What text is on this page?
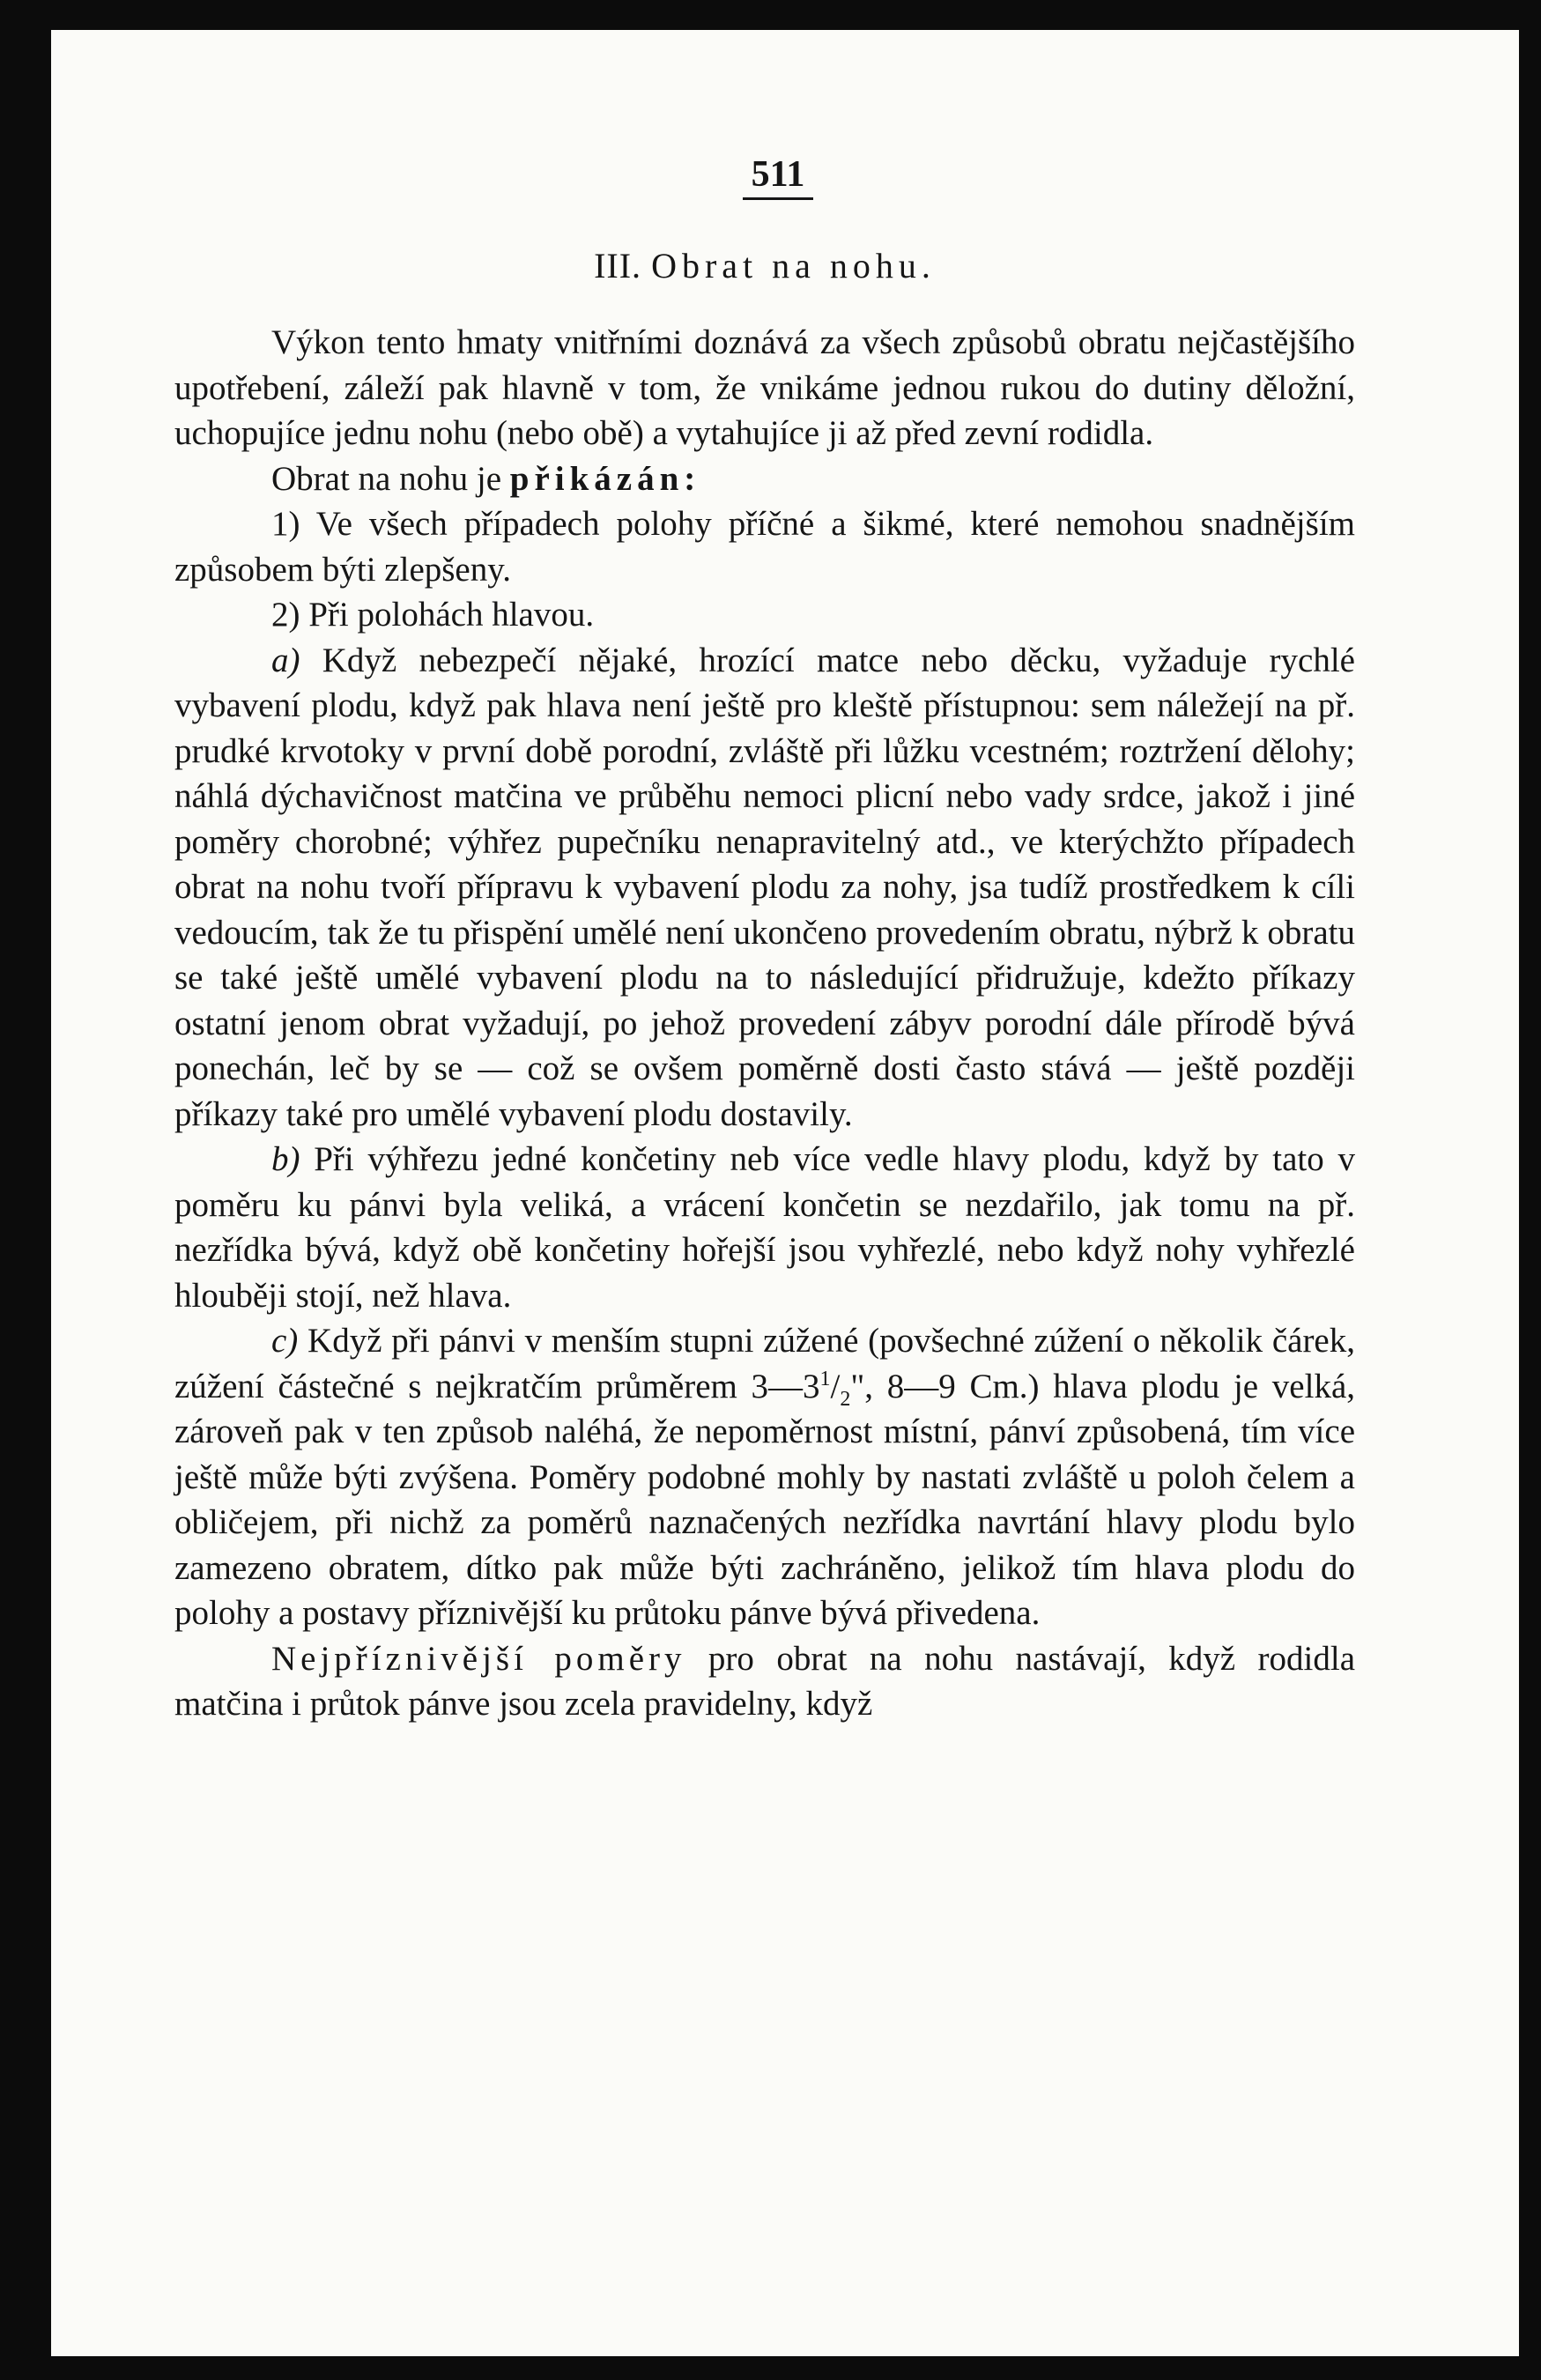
511
III. Obrat na nohu.

Výkon tento hmaty vnitřními doznává za všech způsobů obratu nejčastějšího upotřebení, záleží pak hlavně v tom, že vnikáme jednou rukou do dutiny děložní, uchopujíce jednu nohu (nebo obě) a vytahujíce ji až před zevní rodidla.

Obrat na nohu je přikázán:

1) Ve všech případech polohy příčné a šikmé, které nemohou snadnějším způsobem býti zlepšeny.

2) Při polohách hlavou.

a) Když nebezpečí nějaké, hrozící matce nebo děcku, vyžaduje rychlé vybavení plodu, když pak hlava není ještě pro kleště přístupnou: sem náležejí na př. prudké krvotoky v první době porodní, zvláště při lůžku vcestném; roztržení dělohy; náhlá dýchavičnost matčina ve průběhu nemoci plicní nebo vady srdce, jakož i jiné poměry chorobné; výhřez pupečníku nenapravitelný atd., ve kterýchžto případech obrat na nohu tvoří přípravu k vybavení plodu za nohy, jsa tudíž prostředkem k cíli vedoucím, tak že tu přispění umělé není ukončeno provedením obratu, nýbrž k obratu se také ještě umělé vybavení plodu na to následující přidružuje, kdežto příkazy ostatní jenom obrat vyžadují, po jehož provedení zábyv porodní dále přírodě bývá ponechán, leč by se — což se ovšem poměrně dosti často stává — ještě později příkazy také pro umělé vybavení plodu dostavily.

b) Při výhřezu jedné končetiny neb více vedle hlavy plodu, když by tato v poměru ku pánvi byla veliká, a vrácení končetin se nezdařilo, jak tomu na př. nezřídka bývá, když obě končetiny hořejší jsou vyhřezlé, nebo když nohy vyhřezlé hlouběji stojí, než hlava.

c) Když při pánvi v menším stupni zúžené (povšechné zúžení o několik čárek, zúžení částečné s nejkratčím průměrem $3—3^1/_2$", 8—9 Cm.) hlava plodu je velká, zároveň pak v ten způsob naléhá, že nepoměrnost místní, pánví způsobená, tím více ještě může býti zvýšena. Poměry podobné mohly by nastati zvláště u poloh čelem a obličejem, při nichž za poměrů naznačených nezřídka navrtání hlavy plodu bylo zamezeno obratem, dítko pak může býti zachráněno, jelikož tím hlava plodu do polohy a postavy příznivější ku průtoku pánve bývá přivedena.

Nejpříznivější poměry pro obrat na nohu nastávají, když rodidla matčina i průtok pánve jsou zcela pravidelny, když
